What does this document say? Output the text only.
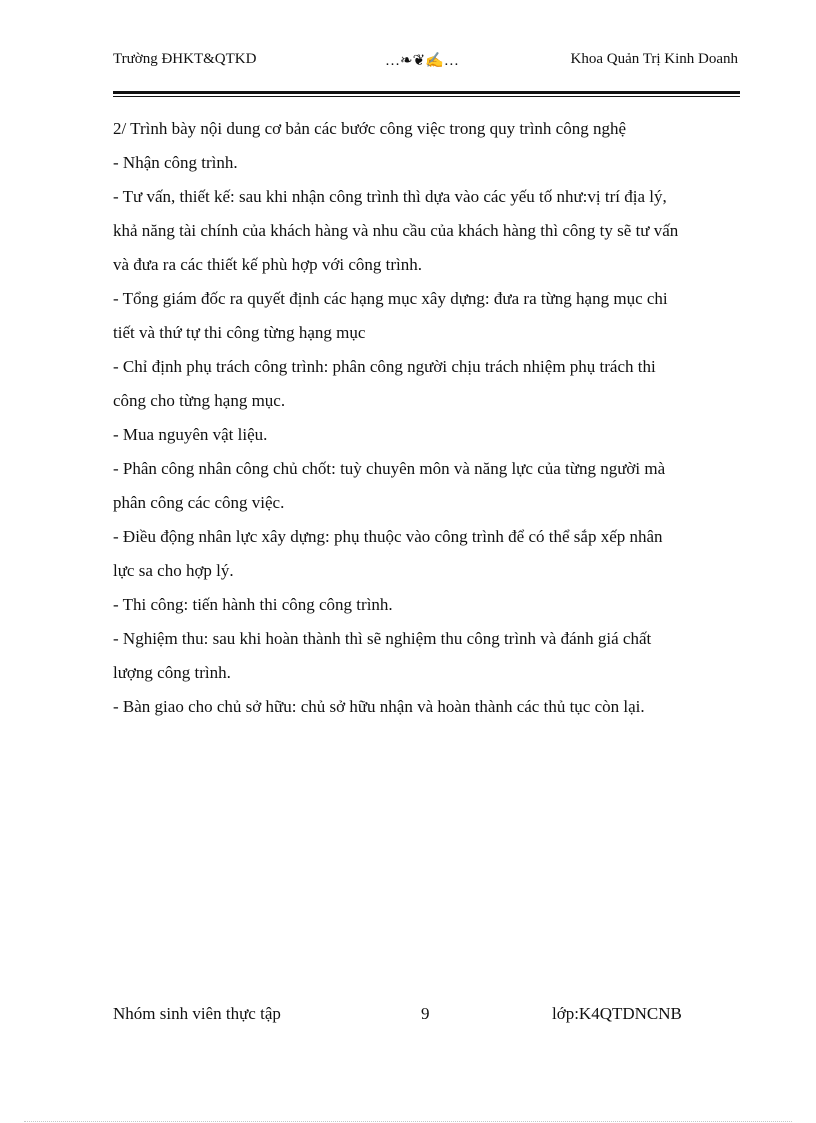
Trường ĐHKT&QTKD	…❧❦✍…	Khoa Quản Trị Kinh Doanh
2/ Trình bày nội dung cơ bản các bước công việc trong quy trình công nghệ
- Nhận công trình.
- Tư vấn, thiết kế: sau khi nhận công trình thì dựa vào các yếu tố như:vị trí địa lý,
khả năng tài chính của khách hàng và nhu cầu của khách hàng thì công ty sẽ tư vấn
và đưa ra các thiết kế phù hợp với công trình.
- Tổng giám đốc ra quyết định các hạng mục xây dựng: đưa ra từng hạng mục chi
tiết và thứ tự thi công từng hạng mục
- Chỉ định phụ trách công trình: phân công người chịu trách nhiệm phụ trách thi
công cho từng hạng mục.
- Mua nguyên vật liệu.
- Phân công nhân công chủ chốt: tuỳ chuyên môn và năng lực của từng người mà
phân công các công việc.
- Điều động nhân lực xây dựng: phụ thuộc vào công trình để có thể sắp xếp nhân
lực sa cho hợp lý.
- Thi công: tiến hành thi công công trình.
- Nghiệm thu: sau khi hoàn thành thì sẽ nghiệm thu công trình và đánh giá chất
lượng công trình.
- Bàn giao cho chủ sở hữu: chủ sở hữu nhận và hoàn thành các thủ tục còn lại.
Nhóm sinh viên thực tập	9	lớp:K4QTDNCNB
